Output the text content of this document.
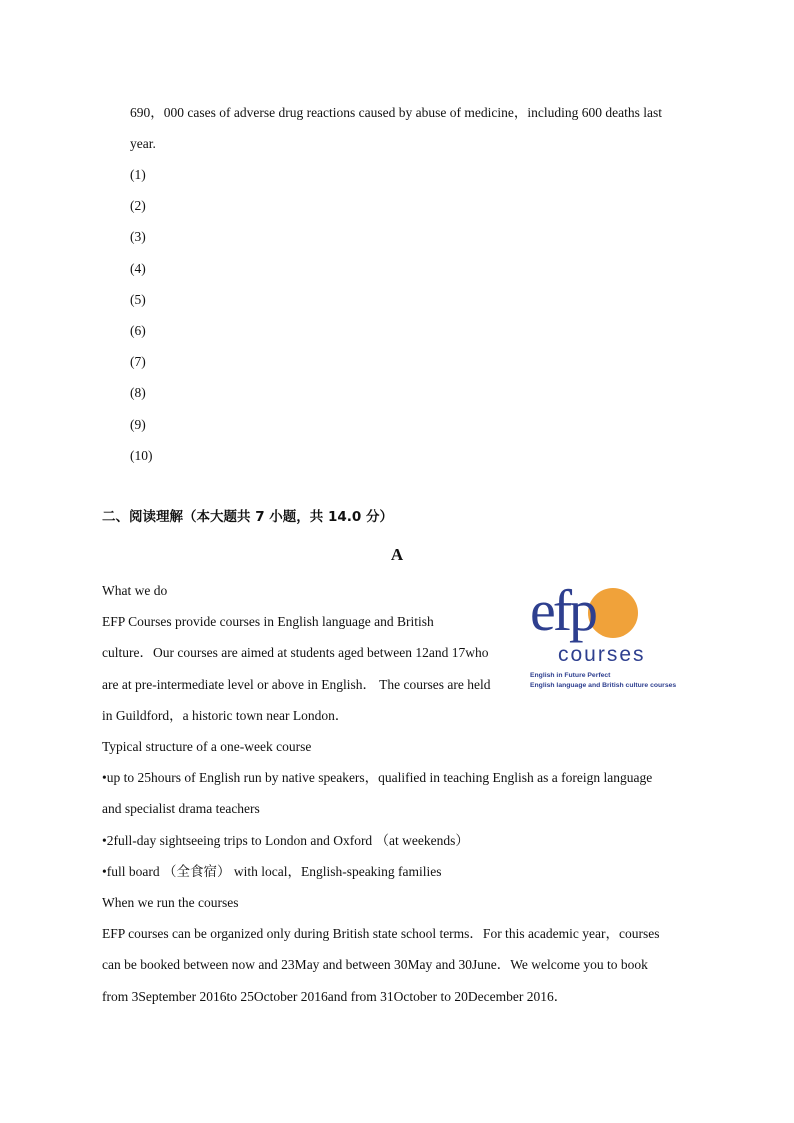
690，000 cases of adverse drug reactions caused by abuse of medicine，including 600 deaths last
year.
(1)
(2)
(3)
(4)
(5)
(6)
(7)
(8)
(9)
(10)
二、阅读理解（本大题共 7 小题，共 14.0 分）
A
What we do
EFP Courses provide courses in English language and British
culture．Our courses are aimed at students aged between 12and 17who
are at pre-intermediate level or above in English． The courses are held
in Guildford，a historic town near London．
efp
courses
English in Future Perfect
English language and British culture courses
Typical structure of a one-week course
•up to 25hours of English run by native speakers，qualified in teaching English as a foreign language
and specialist drama teachers
•2full-day sightseeing trips to London and Oxford （at weekends）
•full board （全食宿） with local，English-speaking families
When we run the courses
EFP courses can be organized only during British state school terms．For this academic year，courses
can be booked between now and 23May and between 30May and 30June．We welcome you to book
from 3September 2016to 25October 2016and from 31October to 20December 2016．
